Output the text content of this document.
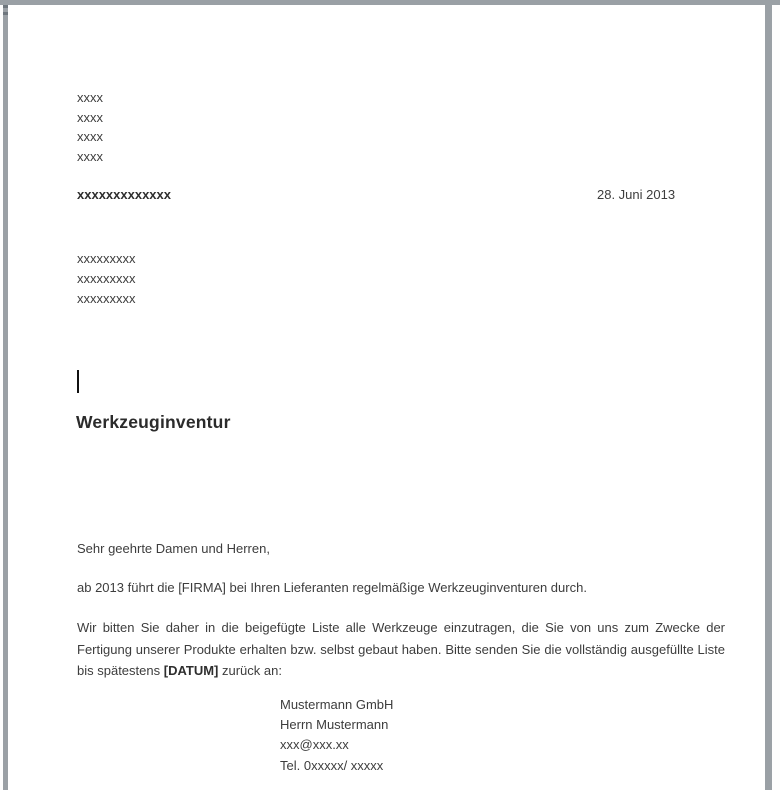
xxxx
xxxx
xxxx
xxxx
xxxxxxxxxxxxx	28. Juni 2013
xxxxxxxxx
xxxxxxxxx
xxxxxxxxx
Werkzeuginventur
Sehr geehrte Damen und Herren,
ab 2013 führt die [FIRMA] bei Ihren Lieferanten regelmäßige Werkzeuginventuren durch.
Wir bitten Sie daher in die beigefügte Liste alle Werkzeuge einzutragen, die Sie von uns zum Zwecke der
Fertigung unserer Produkte erhalten bzw. selbst gebaut haben. Bitte senden Sie die vollständig ausgefüllte Liste
bis spätestens [DATUM] zurück an:
Mustermann GmbH
Herrn Mustermann
xxx@xxx.xx
Tel. 0xxxxx/ xxxxx
